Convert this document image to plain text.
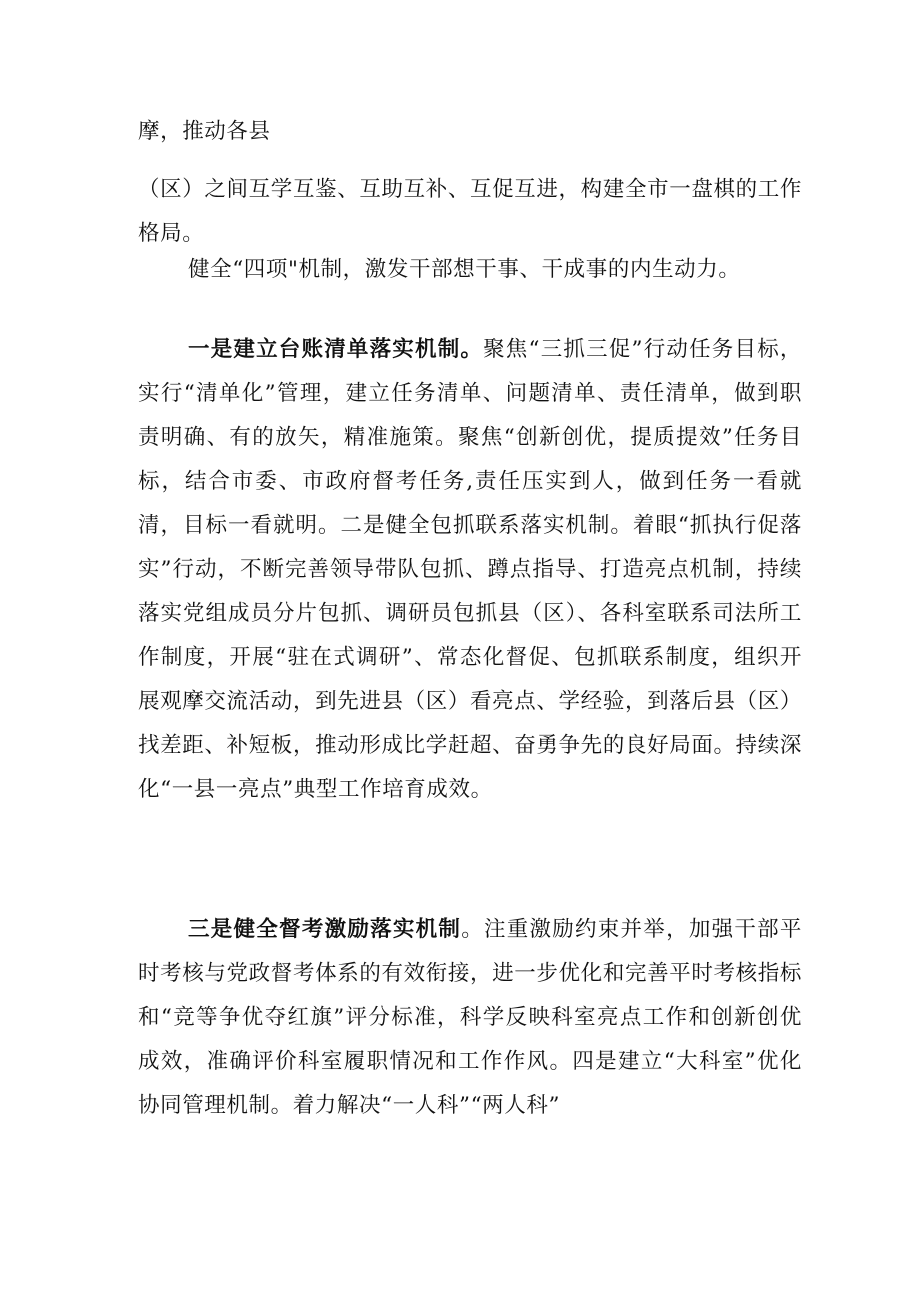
摩，推动各县

（区）之间互学互鉴、互助互补、互促互进，构建全市一盘棋的工作格局。

健全“四项"机制，激发干部想干事、干成事的内生动力。

一是建立台账清单落实机制。聚焦“三抓三促”行动任务目标，实行“清单化”管理，建立任务清单、问题清单、责任清单，做到职责明确、有的放矢，精准施策。聚焦“创新创优，提质提效”任务目标，结合市委、市政府督考任务,责任压实到人，做到任务一看就清，目标一看就明。二是健全包抓联系落实机制。着眼“抓执行促落实”行动，不断完善领导带队包抓、蹲点指导、打造亮点机制，持续落实党组成员分片包抓、调研员包抓县（区）、各科室联系司法所工作制度，开展“驻在式调研”、常态化督促、包抓联系制度，组织开展观摩交流活动，到先进县（区）看亮点、学经验，到落后县（区）找差距、补短板，推动形成比学赶超、奋勇争先的良好局面。持续深化“一县一亮点”典型工作培育成效。

三是健全督考激励落实机制。注重激励约束并举，加强干部平时考核与党政督考体系的有效衔接，进一步优化和完善平时考核指标和“竞等争优夺红旗”评分标准，科学反映科室亮点工作和创新创优成效，准确评价科室履职情况和工作作风。四是建立“大科室”优化协同管理机制。着力解决“一人科”“两人科”
